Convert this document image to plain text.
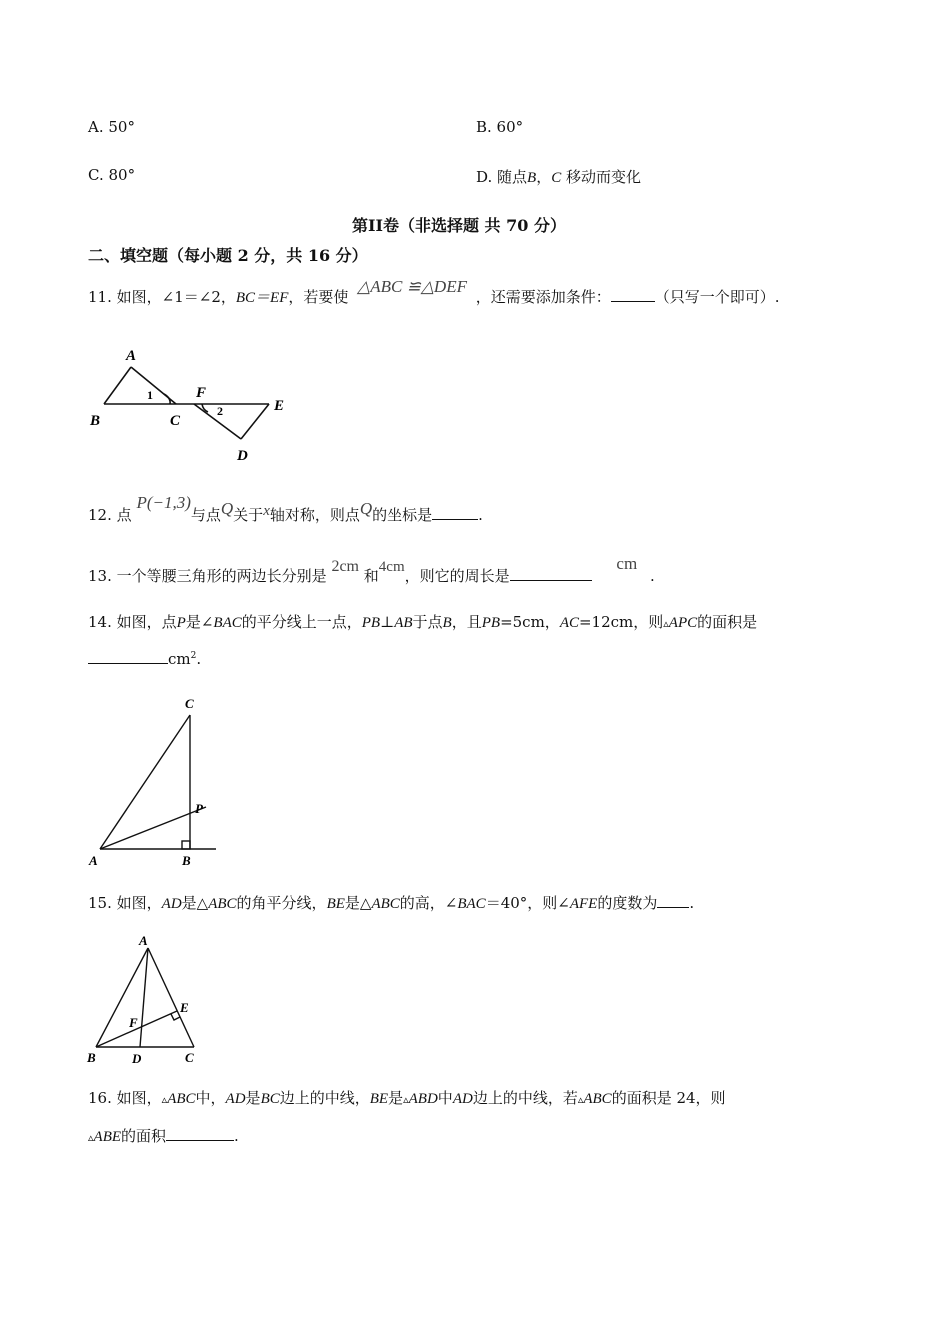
A. 50°	B. 60°
C. 80°	D. 随点B，C 移动而变化
第II卷（非选择题 共 70 分）
二、填空题（每小题 2 分，共 16 分）
11. 如图，∠1＝∠2，BC＝EF，若要使 △ABC ≌△DEF ，还需要添加条件：	（只写一个即可）.
A
B	C
D
E
F
1
2
12. 点 P(−1,3)与点Q关于x轴对称，则点Q的坐标是	.
13. 一个等腰三角形的两边长分别是 2cm 和4cm，则它的周长是 cm .
14. 如图，点P是∠BAC的平分线上一点，PB⊥AB于点B，且PB=5cm，AC=12cm，则▵APC的面积是
$cm^2$.
C
P
A	B
15. 如图，AD是△ABC的角平分线，BE是△ABC的高，∠BAC＝40°，则∠AFE的度数为 .
A
E
F
B	D	C
16. 如图，▵ABC中，AD是BC边上的中线，BE是▵ABD中AD边上的中线，若▵ABC的面积是 24，则
▵ABE的面积	.
